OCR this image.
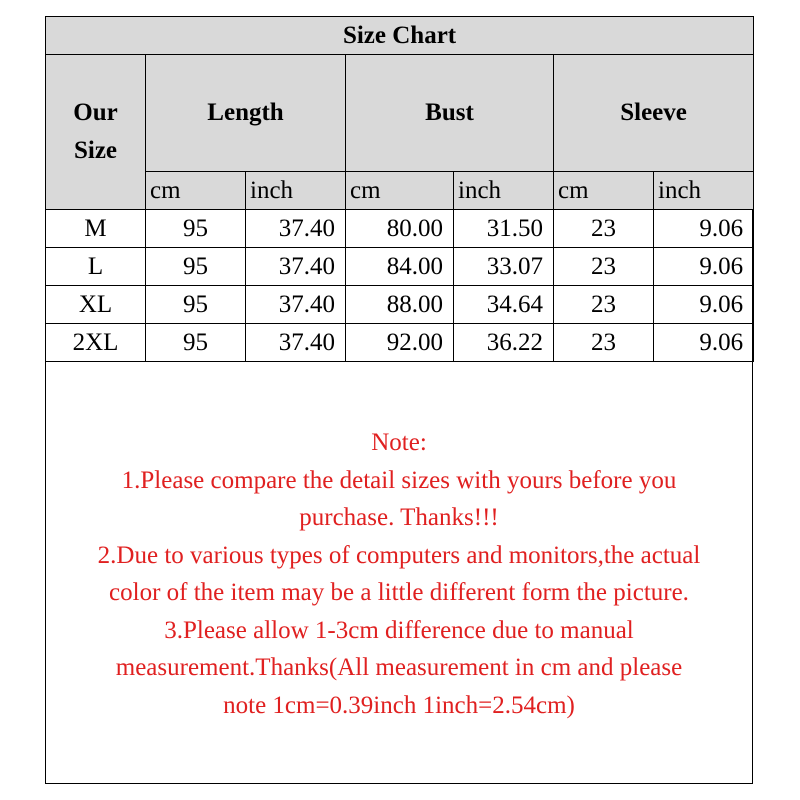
Size Chart						
Our
Size	Length		Bust		Sleeve	
	cm	inch	cm	inch	cm	inch
M	95	37.40	80.00	31.50	23	9.06
L	95	37.40	84.00	33.07	23	9.06
XL	95	37.40	88.00	34.64	23	9.06
2XL	95	37.40	92.00	36.22	23	9.06
Note:
1.Please compare the detail sizes with yours before you
purchase. Thanks!!!
2.Due to various types of computers and monitors,the actual
color of the item may be a little different form the picture.
3.Please allow 1-3cm difference due to manual
measurement.Thanks(All measurement in cm and please
note 1cm=0.39inch 1inch=2.54cm)
